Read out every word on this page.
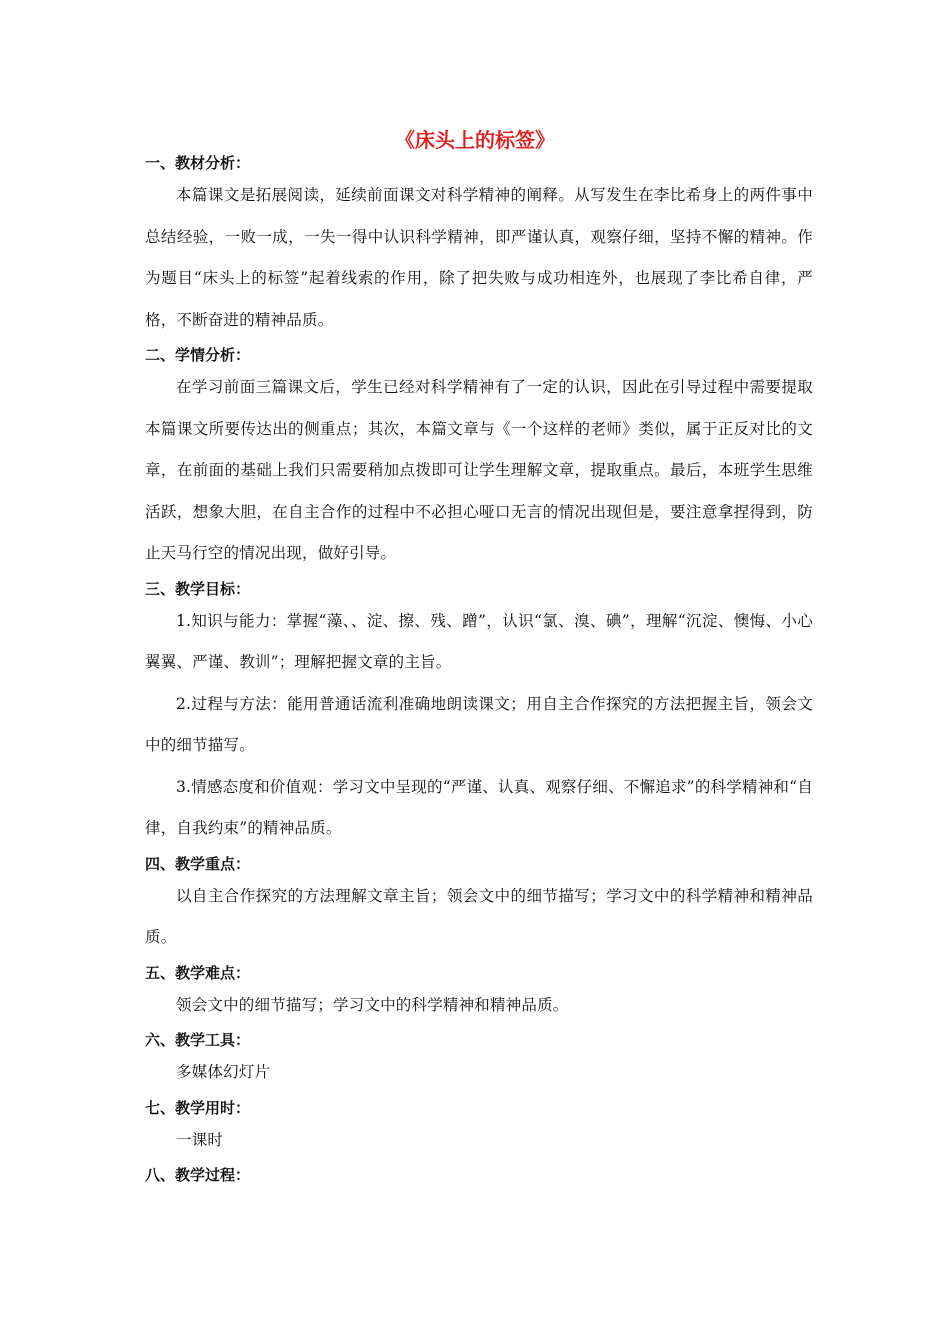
《床头上的标签》
一、教材分析：

本篇课文是拓展阅读，延续前面课文对科学精神的阐释。从写发生在李比希身上的两件事中总结经验，一败一成，一失一得中认识科学精神，即严谨认真，观察仔细，坚持不懈的精神。作为题目“床头上的标签”起着线索的作用，除了把失败与成功相连外，也展现了李比希自律，严格，不断奋进的精神品质。

二、学情分析：

在学习前面三篇课文后，学生已经对科学精神有了一定的认识，因此在引导过程中需要提取本篇课文所要传达出的侧重点；其次，本篇文章与《一个这样的老师》类似，属于正反对比的文章，在前面的基础上我们只需要稍加点拨即可让学生理解文章，提取重点。最后，本班学生思维活跃，想象大胆，在自主合作的过程中不必担心哑口无言的情况出现但是，要注意拿捏得到，防止天马行空的情况出现，做好引导。

三、教学目标：

1.知识与能力：掌握“藻、、淀、擦、残、蹭”，认识“氯、溴、碘”，理解“沉淀、懊悔、小心翼翼、严谨、教训”；理解把握文章的主旨。

2.过程与方法：能用普通话流利准确地朗读课文；用自主合作探究的方法把握主旨，领会文中的细节描写。

3.情感态度和价值观：学习文中呈现的“严谨、认真、观察仔细、不懈追求”的科学精神和“自律，自我约束”的精神品质。

四、教学重点：

以自主合作探究的方法理解文章主旨；领会文中的细节描写；学习文中的科学精神和精神品质。

五、教学难点：

领会文中的细节描写；学习文中的科学精神和精神品质。

六、教学工具：

多媒体幻灯片

七、教学用时：

一课时

八、教学过程：
